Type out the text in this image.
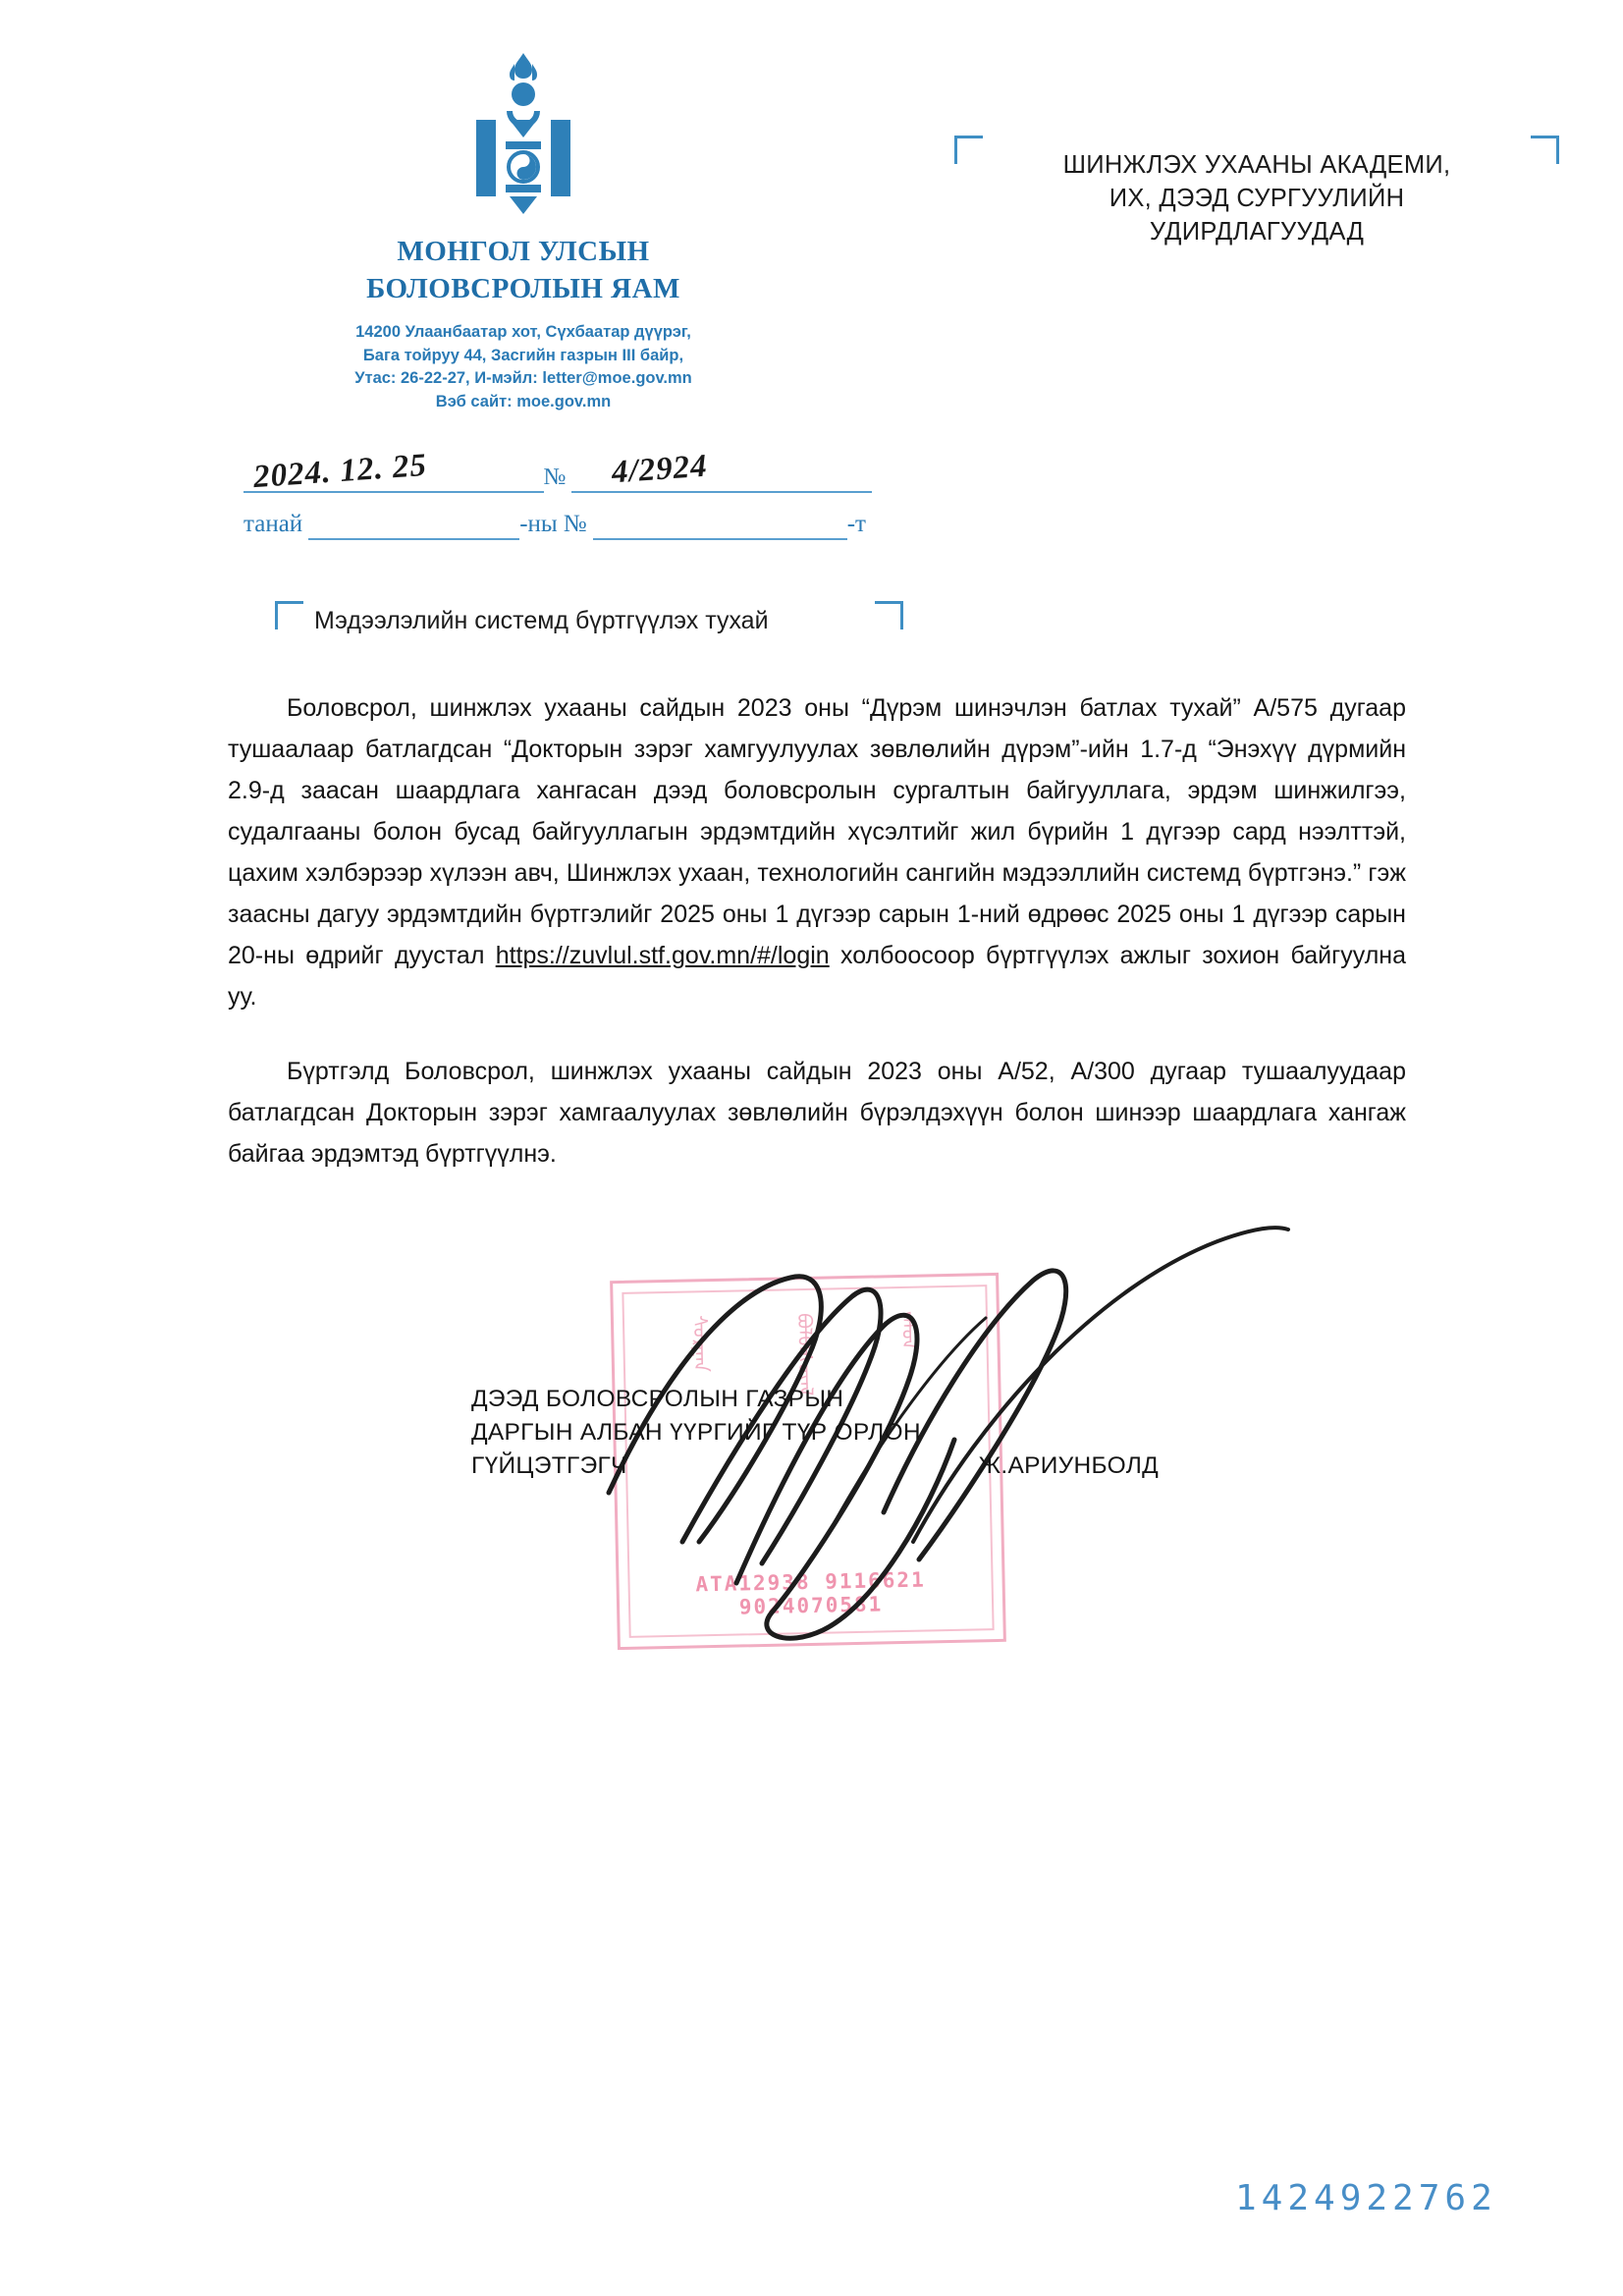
МОНГОЛ УЛСЫН
БОЛОВСРОЛЫН ЯАМ
14200 Улаанбаатар хот, Сүхбаатар дүүрэг,
Бага тойруу 44, Засгийн газрын III байр,
Утас: 26-22-27, И-мэйл: letter@moe.gov.mn
Вэб сайт: moe.gov.mn
ШИНЖЛЭХ УХААНЫ АКАДЕМИ,
ИХ, ДЭЭД СУРГУУЛИЙН
УДИРДЛАГУУДАД
№
2024. 12. 25	4/2924
танай	-ны №	-т
Мэдээлэлийн системд бүртгүүлэх тухай

Боловсрол, шинжлэх ухааны сайдын 2023 оны “Дүрэм шинэчлэн батлах тухай” А/575 дугаар тушаалаар батлагдсан “Докторын зэрэг хамгуулуулах зөвлөлийн дүрэм”-ийн 1.7-д “Энэхүү дүрмийн 2.9-д заасан шаардлага хангасан дээд боловсролын сургалтын байгууллага, эрдэм шинжилгээ, судалгааны болон бусад байгууллагын эрдэмтдийн хүсэлтийг жил бүрийн 1 дүгээр сард нээлттэй, цахим хэлбэрээр хүлээн авч, Шинжлэх ухаан, технологийн сангийн мэдээллийн системд бүртгэнэ.” гэж заасны дагуу эрдэмтдийн бүртгэлийг 2025 оны 1 дүгээр сарын 1-ний өдрөөс 2025 оны 1 дүгээр сарын 20-ны өдрийг дуустал https://zuvlul.stf.gov.mn/#/login холбоосоор бүртгүүлэх ажлыг зохион байгуулна уу.

Бүртгэлд Боловсрол, шинжлэх ухааны сайдын 2023 оны А/52, А/300 дугаар тушаалуудаар батлагдсан Докторын зэрэг хамгаалуулах зөвлөлийн бүрэлдэхүүн болон шинээр шаардлага хангаж байгаа эрдэмтэд бүртгүүлнэ.

ᠰᠤᠷᠭᠠᠨ	ᠪᠣᠯᠪᠠᠰᠤᠷᠠᠯ	ᠶᠠᠮᠤᠨ
АТА12938 9116621 9024070581
ДЭЭД БОЛОВСРОЛЫН ГАЗРЫН
ДАРГЫН АЛБАН ҮҮРГИЙГ ТҮР ОРЛОН
ГҮЙЦЭТГЭГЧ	Ж.АРИУНБОЛД
1424922762
